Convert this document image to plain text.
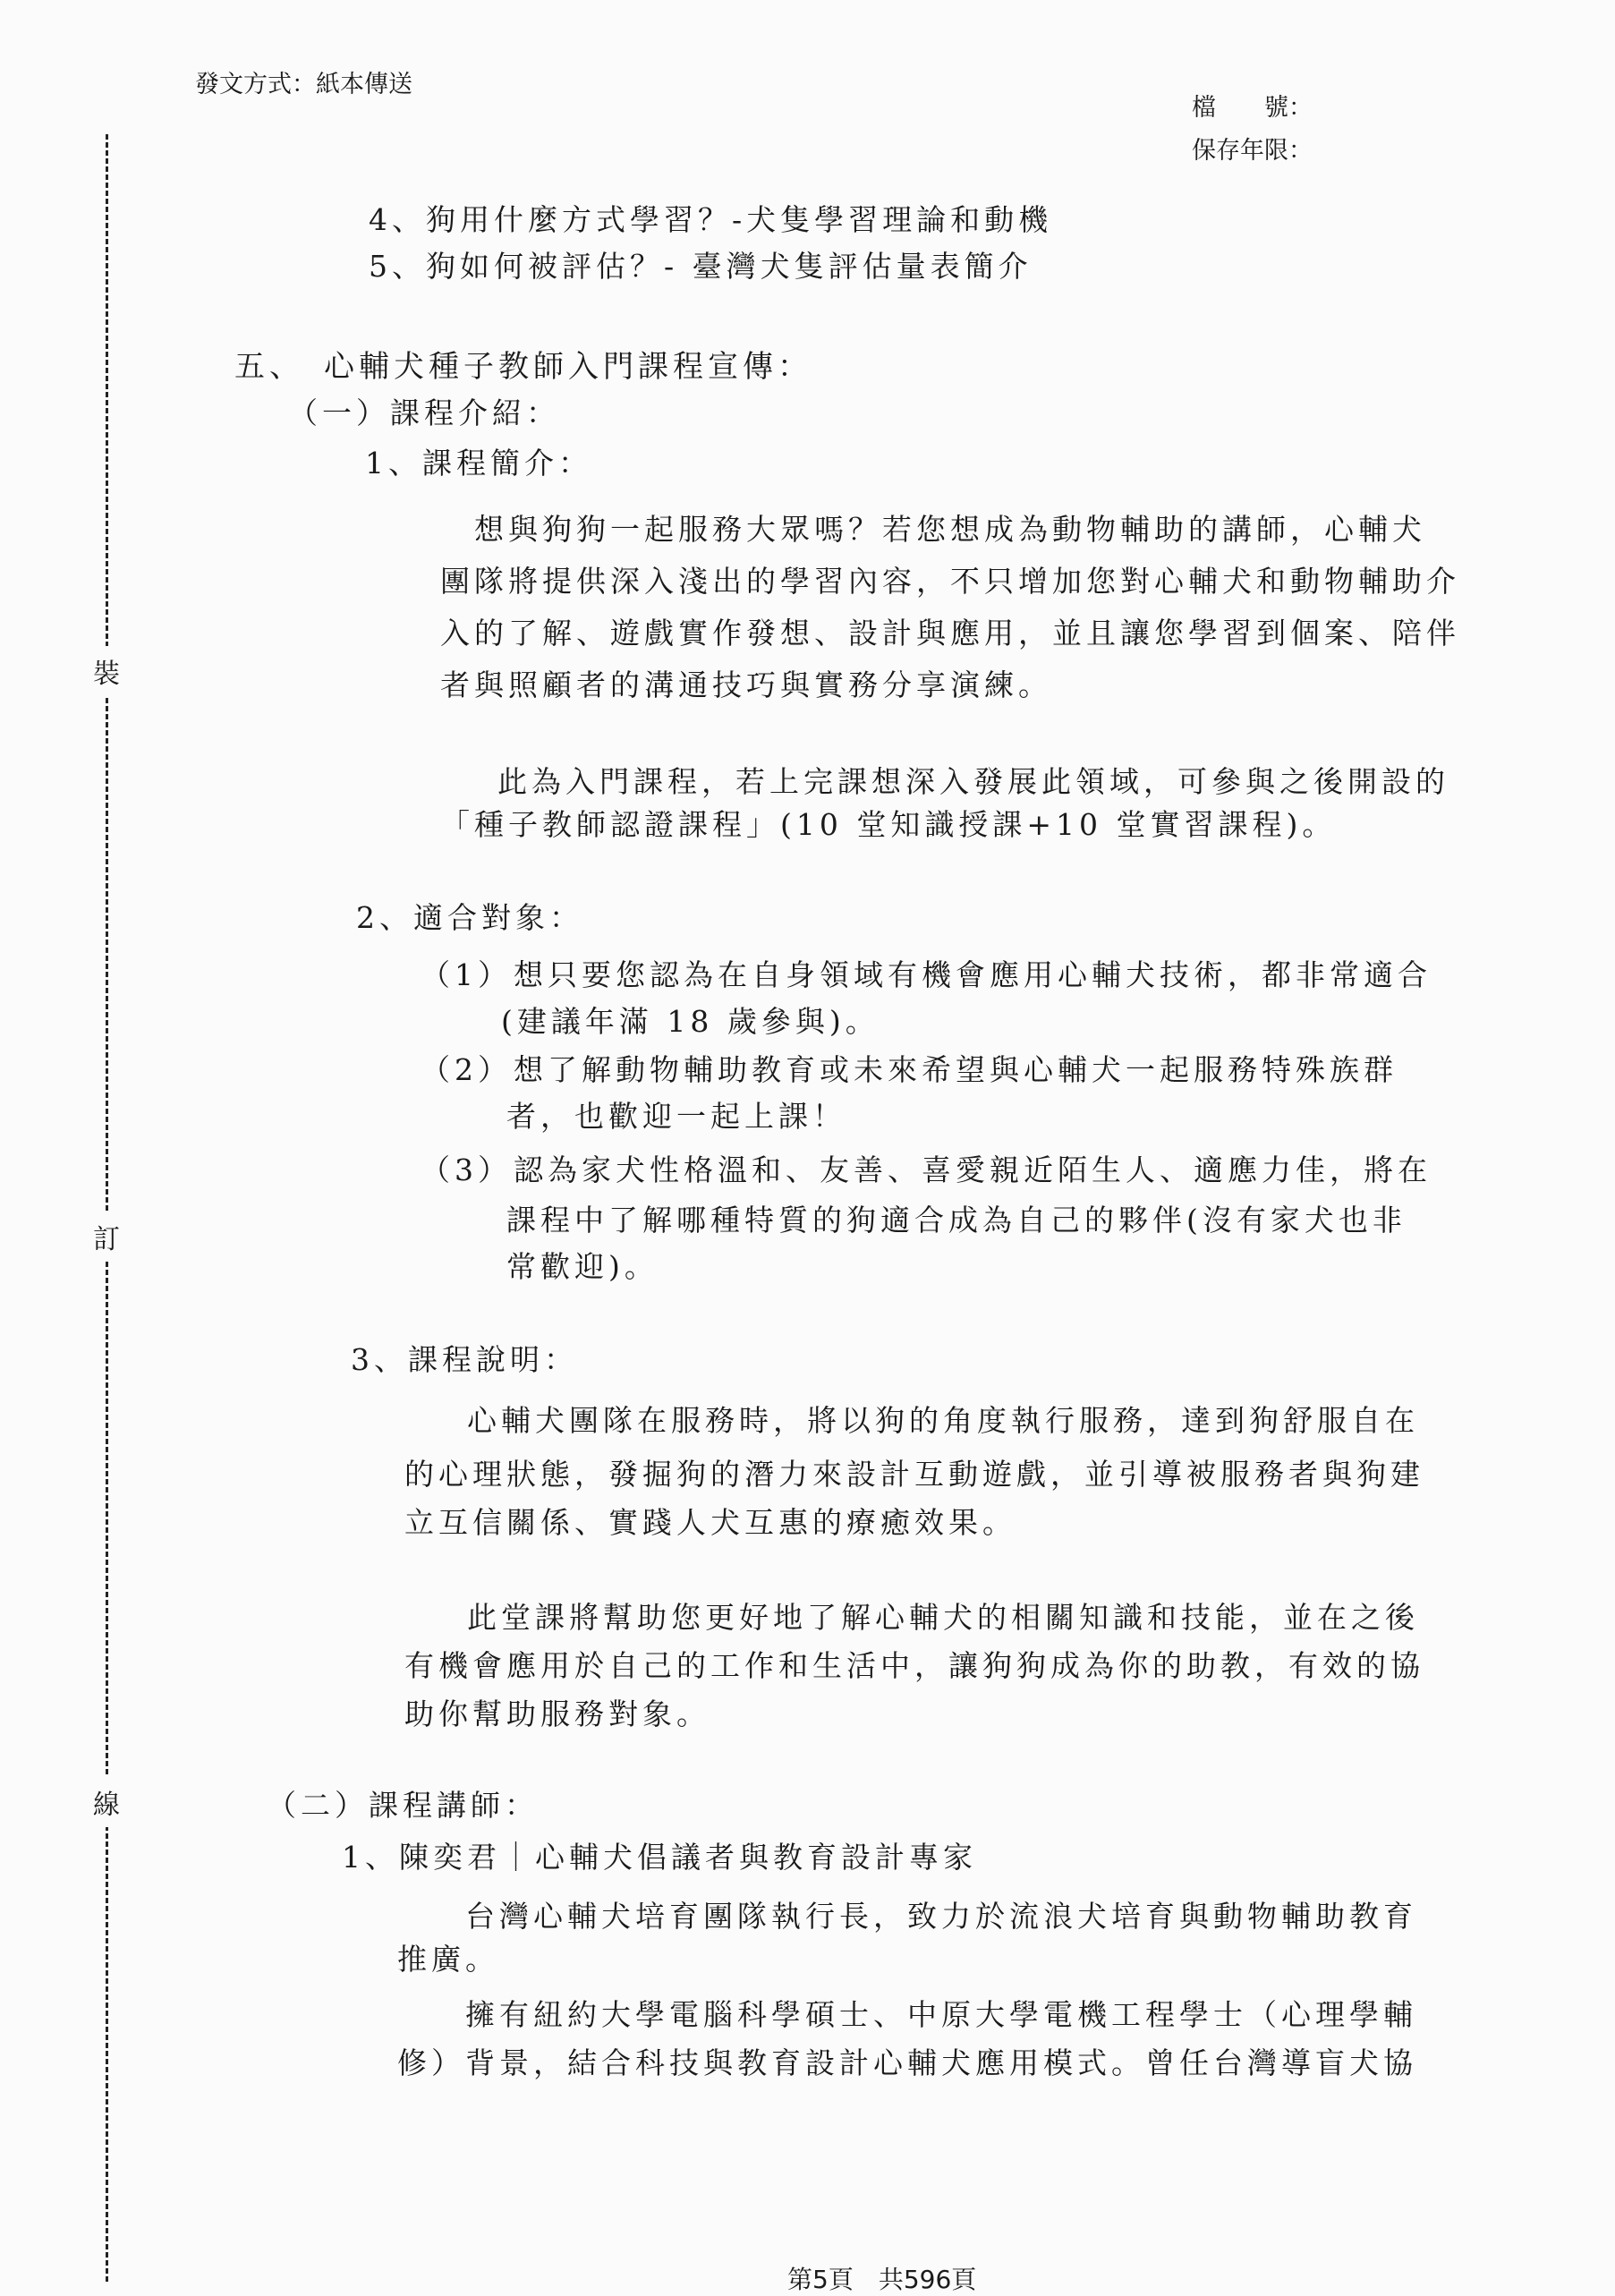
發文方式：紙本傳送
檔　　號：
保存年限：
裝
訂
線
4、狗用什麼方式學習？-犬隻學習理論和動機
5、狗如何被評估？- 臺灣犬隻評估量表簡介
五、　心輔犬種子教師入門課程宣傳：
（一）課程介紹：
1、課程簡介：
想與狗狗一起服務大眾嗎？若您想成為動物輔助的講師，心輔犬
團隊將提供深入淺出的學習內容，不只增加您對心輔犬和動物輔助介
入的了解、遊戲實作發想、設計與應用，並且讓您學習到個案、陪伴
者與照顧者的溝通技巧與實務分享演練。
此為入門課程，若上完課想深入發展此領域，可參與之後開設的
「種子教師認證課程」(10 堂知識授課+10 堂實習課程)。
2、適合對象：
（1） 想只要您認為在自身領域有機會應用心輔犬技術，都非常適合
(建議年滿 18 歲參與)。
（2） 想了解動物輔助教育或未來希望與心輔犬一起服務特殊族群
者，也歡迎一起上課！
（3） 認為家犬性格溫和、友善、喜愛親近陌生人、適應力佳，將在
課程中了解哪種特質的狗適合成為自己的夥伴(沒有家犬也非
常歡迎)。
3、課程說明：
心輔犬團隊在服務時，將以狗的角度執行服務，達到狗舒服自在
的心理狀態，發掘狗的潛力來設計互動遊戲，並引導被服務者與狗建
立互信關係、實踐人犬互惠的療癒效果。
此堂課將幫助您更好地了解心輔犬的相關知識和技能，並在之後
有機會應用於自己的工作和生活中，讓狗狗成為你的助教，有效的協
助你幫助服務對象。
（二）課程講師：
1、陳奕君｜心輔犬倡議者與教育設計專家
台灣心輔犬培育團隊執行長，致力於流浪犬培育與動物輔助教育
推廣。
擁有紐約大學電腦科學碩士、中原大學電機工程學士（心理學輔
修）背景，結合科技與教育設計心輔犬應用模式。曾任台灣導盲犬協
第5頁　共596頁
